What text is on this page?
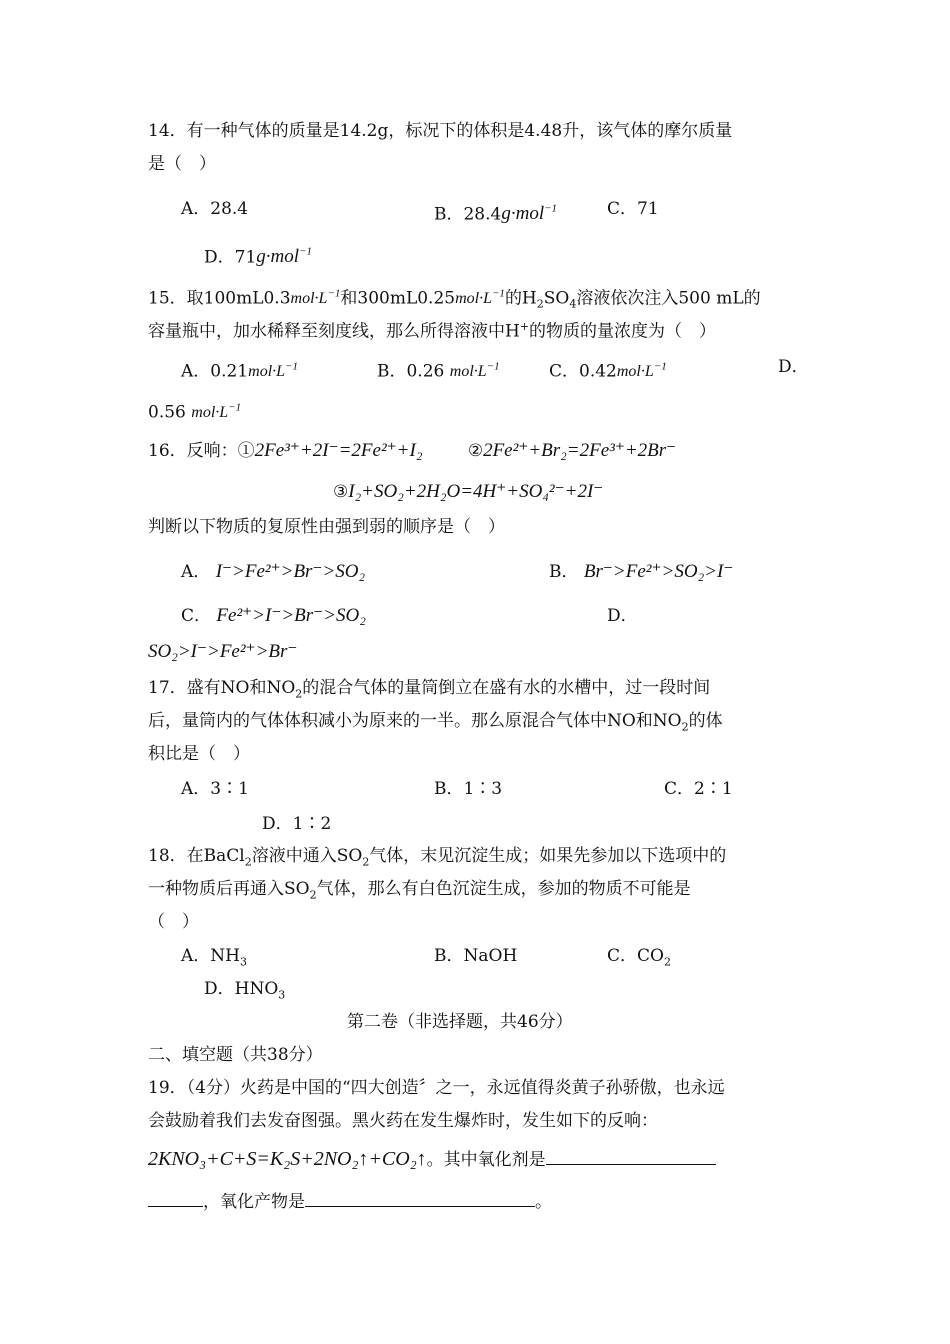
14．有一种气体的质量是14.2g，标况下的体积是4.48升，该气体的摩尔质量
是（　）
A．28.4	B．28.4g·mol$^{-1}$	C．71
D．71g·mol$^{-1}$
15．取$100mL0.3mol\cdot L^{-1}$和$300mL0.25mol\cdot L^{-1}$的$H_2SO_4$溶液依次注入500 mL的
容量瓶中，加水稀释至刻度线，那么所得溶液中H+的物质的量浓度为（　）
A．$0.21mol\cdot L^{-1}$	B．0.26 $mol\cdot L^{-1}$	C．$0.42mol\cdot L^{-1}$	D．
0.56 $mol\cdot L^{-1}$
16．反响：①2Fe³⁺+2I⁻=2Fe²⁺+I₂	②2Fe²⁺+Br₂=2Fe³⁺+2Br⁻
③I₂+SO₂+2H₂O=4H⁺+SO₄²⁻+2I⁻
判断以下物质的复原性由强到弱的顺序是（　）
A． I⁻>Fe²⁺>Br⁻>SO₂	B． Br⁻>Fe²⁺>SO₂>I⁻
C． Fe²⁺>I⁻>Br⁻>SO₂	D．
SO₂>I⁻>Fe²⁺>Br⁻
17．盛有NO和$NO_2$的混合气体的量筒倒立在盛有水的水槽中，过一段时间
后，量筒内的气体体积减小为原来的一半。那么原混合气体中NO和$NO_2$的体
积比是（　）
A．3∶1	B．1∶3	C．2∶1
D．1∶2
18．在BaCl$_2$溶液中通入$SO_2$气体，末见沉淀生成；如果先参加以下选项中的
一种物质后再通入$SO_2$气体，那么有白色沉淀生成，参加的物质不可能是
（　）
A．$NH_3$	B．NaOH	C．$CO_2$
D．$HNO_3$
第二卷（非选择题，共46分）
二、填空题（共38分）
19．（4分）火药是中国的“四大创造〞之一，永远值得炎黄子孙骄傲，也永远
会鼓励着我们去发奋图强。黑火药在发生爆炸时，发生如下的反响：
2KNO₃+C+S=K₂S+2NO₂↑+CO₂↑。其中氧化剂是
，氧化产物是	。
